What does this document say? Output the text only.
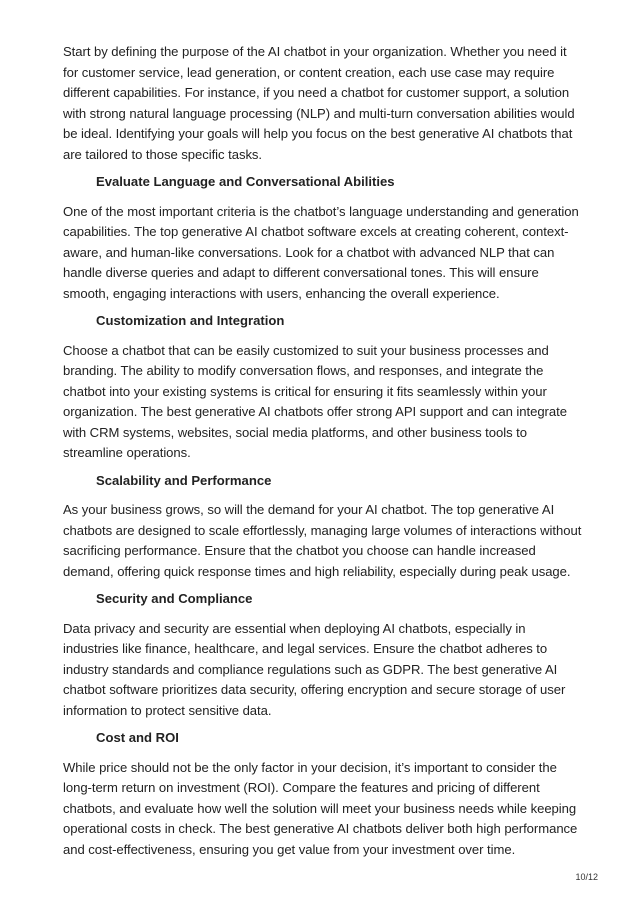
Start by defining the purpose of the AI chatbot in your organization. Whether you need it for customer service, lead generation, or content creation, each use case may require different capabilities. For instance, if you need a chatbot for customer support, a solution with strong natural language processing (NLP) and multi-turn conversation abilities would be ideal. Identifying your goals will help you focus on the best generative AI chatbots that are tailored to those specific tasks.

Evaluate Language and Conversational Abilities

One of the most important criteria is the chatbot’s language understanding and generation capabilities. The top generative AI chatbot software excels at creating coherent, context-aware, and human-like conversations. Look for a chatbot with advanced NLP that can handle diverse queries and adapt to different conversational tones. This will ensure smooth, engaging interactions with users, enhancing the overall experience.

Customization and Integration

Choose a chatbot that can be easily customized to suit your business processes and branding. The ability to modify conversation flows, and responses, and integrate the chatbot into your existing systems is critical for ensuring it fits seamlessly within your organization. The best generative AI chatbots offer strong API support and can integrate with CRM systems, websites, social media platforms, and other business tools to streamline operations.

Scalability and Performance

As your business grows, so will the demand for your AI chatbot. The top generative AI chatbots are designed to scale effortlessly, managing large volumes of interactions without sacrificing performance. Ensure that the chatbot you choose can handle increased demand, offering quick response times and high reliability, especially during peak usage.

Security and Compliance

Data privacy and security are essential when deploying AI chatbots, especially in industries like finance, healthcare, and legal services. Ensure the chatbot adheres to industry standards and compliance regulations such as GDPR. The best generative AI chatbot software prioritizes data security, offering encryption and secure storage of user information to protect sensitive data.

Cost and ROI

While price should not be the only factor in your decision, it’s important to consider the long-term return on investment (ROI). Compare the features and pricing of different chatbots, and evaluate how well the solution will meet your business needs while keeping operational costs in check. The best generative AI chatbots deliver both high performance and cost-effectiveness, ensuring you get value from your investment over time.

10/12
